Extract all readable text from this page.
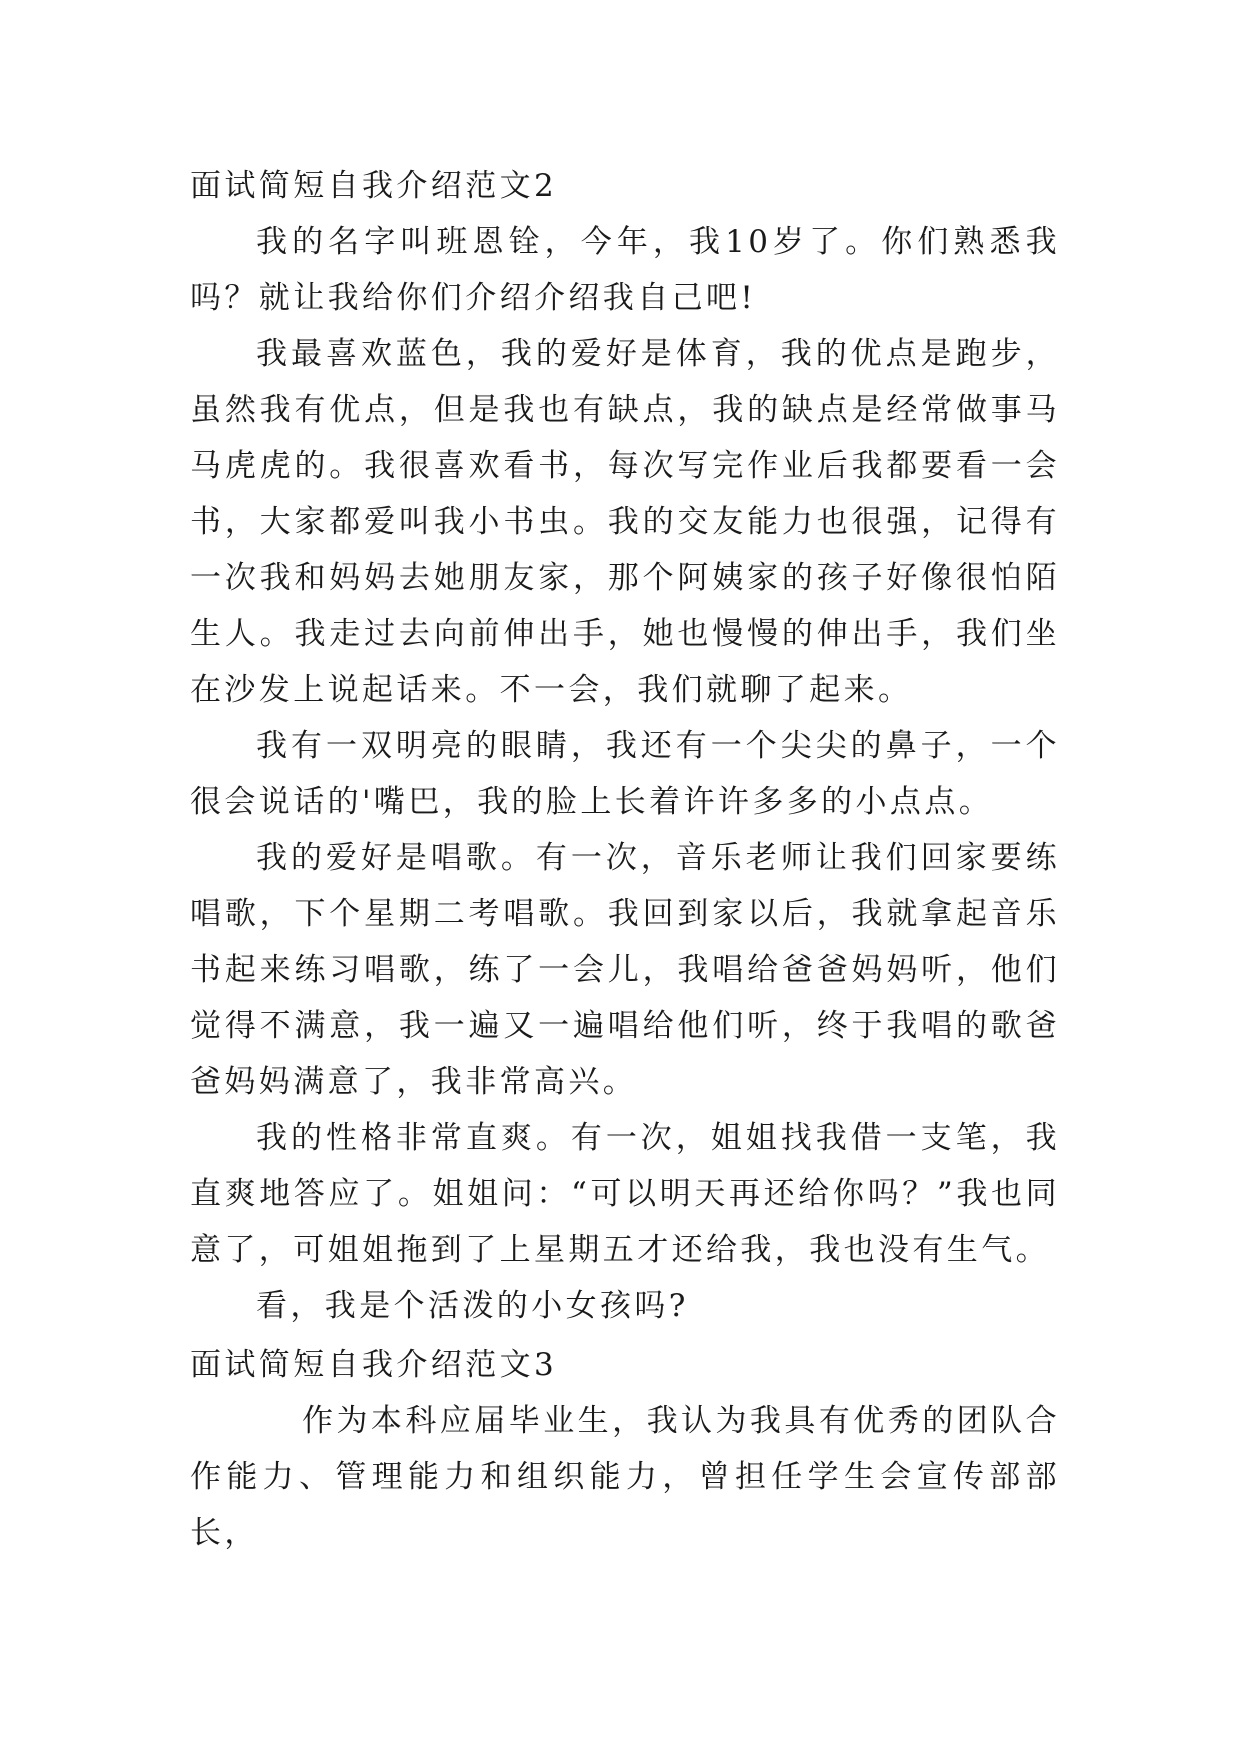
面试简短自我介绍范文2

我的名字叫班恩铨，今年，我10岁了。你们熟悉我吗？就让我给你们介绍介绍我自己吧!

我最喜欢蓝色，我的爱好是体育，我的优点是跑步，虽然我有优点，但是我也有缺点，我的缺点是经常做事马马虎虎的。我很喜欢看书，每次写完作业后我都要看一会书，大家都爱叫我小书虫。我的交友能力也很强，记得有一次我和妈妈去她朋友家，那个阿姨家的孩子好像很怕陌生人。我走过去向前伸出手，她也慢慢的伸出手，我们坐在沙发上说起话来。不一会，我们就聊了起来。

我有一双明亮的眼睛，我还有一个尖尖的鼻子，一个很会说话的'嘴巴，我的脸上长着许许多多的小点点。

我的爱好是唱歌。有一次，音乐老师让我们回家要练唱歌，下个星期二考唱歌。我回到家以后，我就拿起音乐书起来练习唱歌，练了一会儿，我唱给爸爸妈妈听，他们觉得不满意，我一遍又一遍唱给他们听，终于我唱的歌爸爸妈妈满意了，我非常高兴。

我的性格非常直爽。有一次，姐姐找我借一支笔，我直爽地答应了。姐姐问：“可以明天再还给你吗？”我也同意了，可姐姐拖到了上星期五才还给我，我也没有生气。

看，我是个活泼的小女孩吗?

面试简短自我介绍范文3

作为本科应届毕业生，我认为我具有优秀的团队合作能力、管理能力和组织能力，曾担任学生会宣传部部长，
